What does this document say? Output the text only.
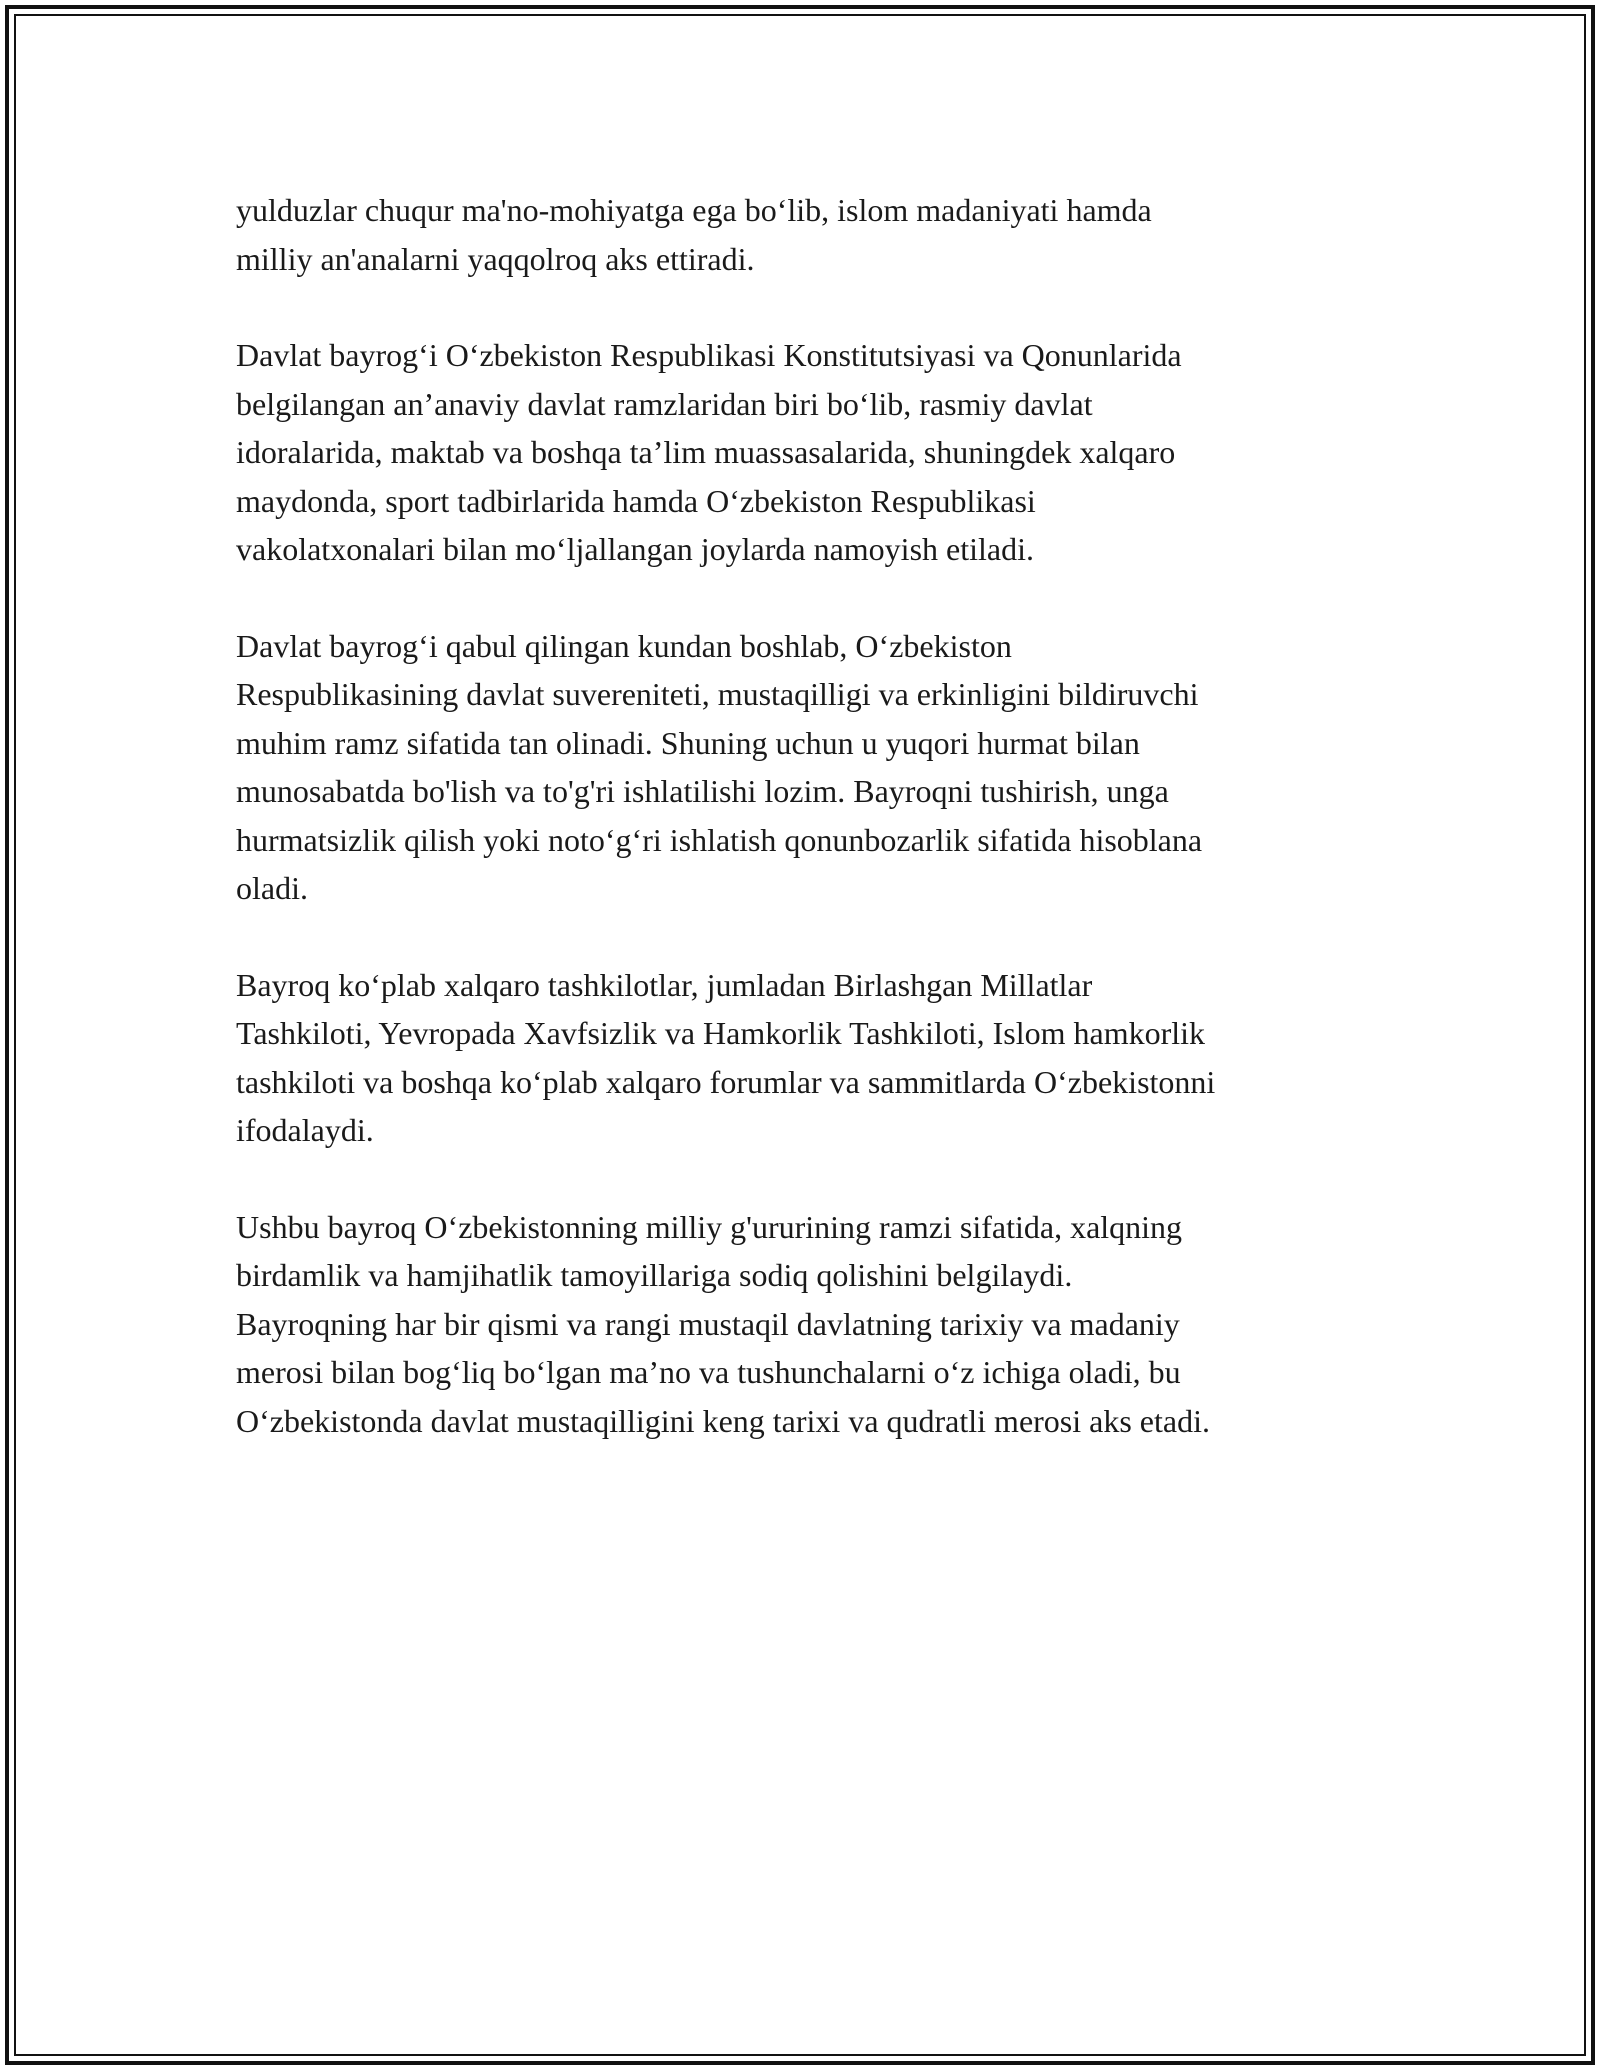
yulduzlar chuqur ma'no-mohiyatga ega bo‘lib, islom madaniyati hamda
milliy an'analarni yaqqolroq aks ettiradi.

Davlat bayrog‘i O‘zbekiston Respublikasi Konstitutsiyasi va Qonunlarida
belgilangan an’anaviy davlat ramzlaridan biri bo‘lib, rasmiy davlat
idoralarida, maktab va boshqa ta’lim muassasalarida, shuningdek xalqaro
maydonda, sport tadbirlarida hamda O‘zbekiston Respublikasi
vakolatxonalari bilan mo‘ljallangan joylarda namoyish etiladi.

Davlat bayrog‘i qabul qilingan kundan boshlab, O‘zbekiston
Respublikasining davlat suvereniteti, mustaqilligi va erkinligini bildiruvchi
muhim ramz sifatida tan olinadi. Shuning uchun u yuqori hurmat bilan
munosabatda bo'lish va to'g'ri ishlatilishi lozim. Bayroqni tushirish, unga
hurmatsizlik qilish yoki noto‘g‘ri ishlatish qonunbozarlik sifatida hisoblana
oladi.

Bayroq ko‘plab xalqaro tashkilotlar, jumladan Birlashgan Millatlar
Tashkiloti, Yevropada Xavfsizlik va Hamkorlik Tashkiloti, Islom hamkorlik
tashkiloti va boshqa ko‘plab xalqaro forumlar va sammitlarda O‘zbekistonni
ifodalaydi.

Ushbu bayroq O‘zbekistonning milliy g'ururining ramzi sifatida, xalqning
birdamlik va hamjihatlik tamoyillariga sodiq qolishini belgilaydi.
Bayroqning har bir qismi va rangi mustaqil davlatning tarixiy va madaniy
merosi bilan bog‘liq bo‘lgan ma’no va tushunchalarni o‘z ichiga oladi, bu
O‘zbekistonda davlat mustaqilligini keng tarixi va qudratli merosi aks etadi.
